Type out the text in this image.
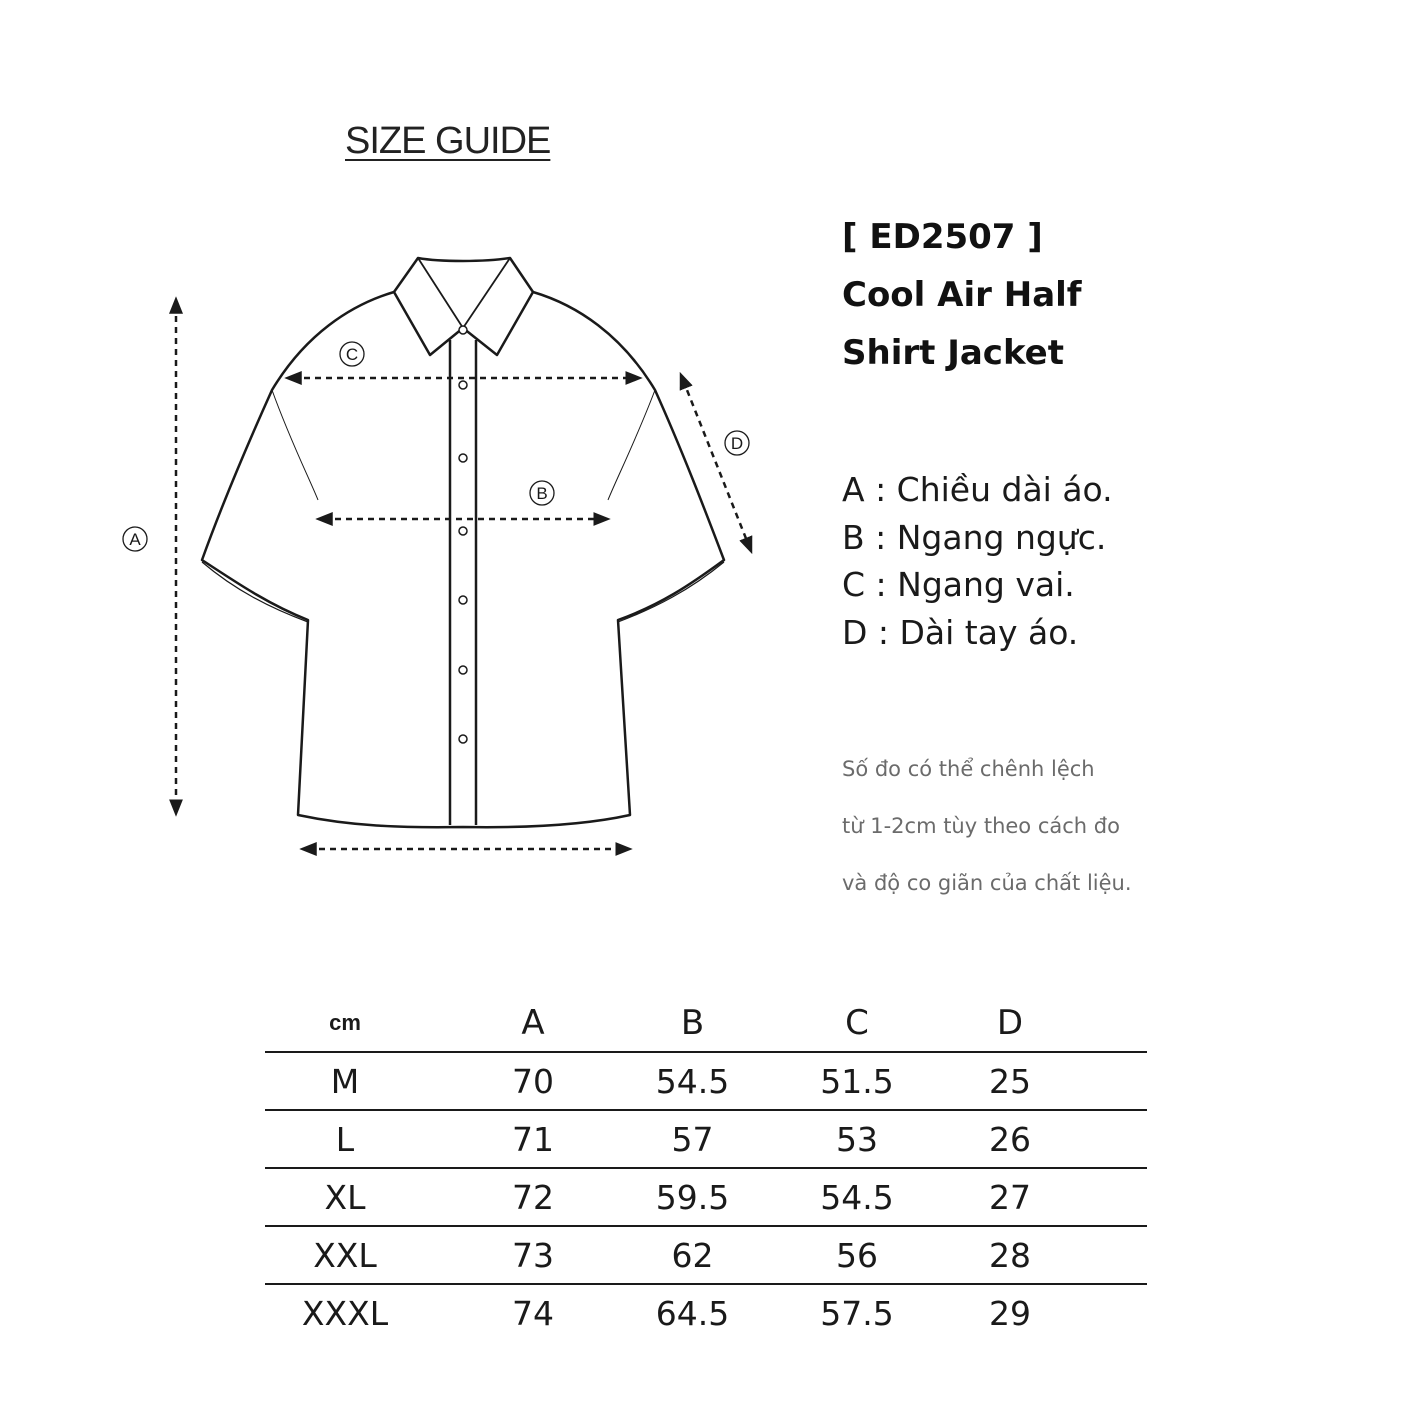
SIZE GUIDE
A
C
B
D
[ ED2507 ]
Cool Air Half
Shirt Jacket
A : Chiều dài áo.
B : Ngang ngực.
C : Ngang vai.
D : Dài tay áo.
Số đo có thể chênh lệch
từ 1-2cm tùy theo cách đo
và độ co giãn của chất liệu.
cm	A	B	C	D	
M	70	54.5	51.5	25	
L	71	57	53	26	
XL	72	59.5	54.5	27	
XXL	73	62	56	28	
XXXL	74	64.5	57.5	29	
